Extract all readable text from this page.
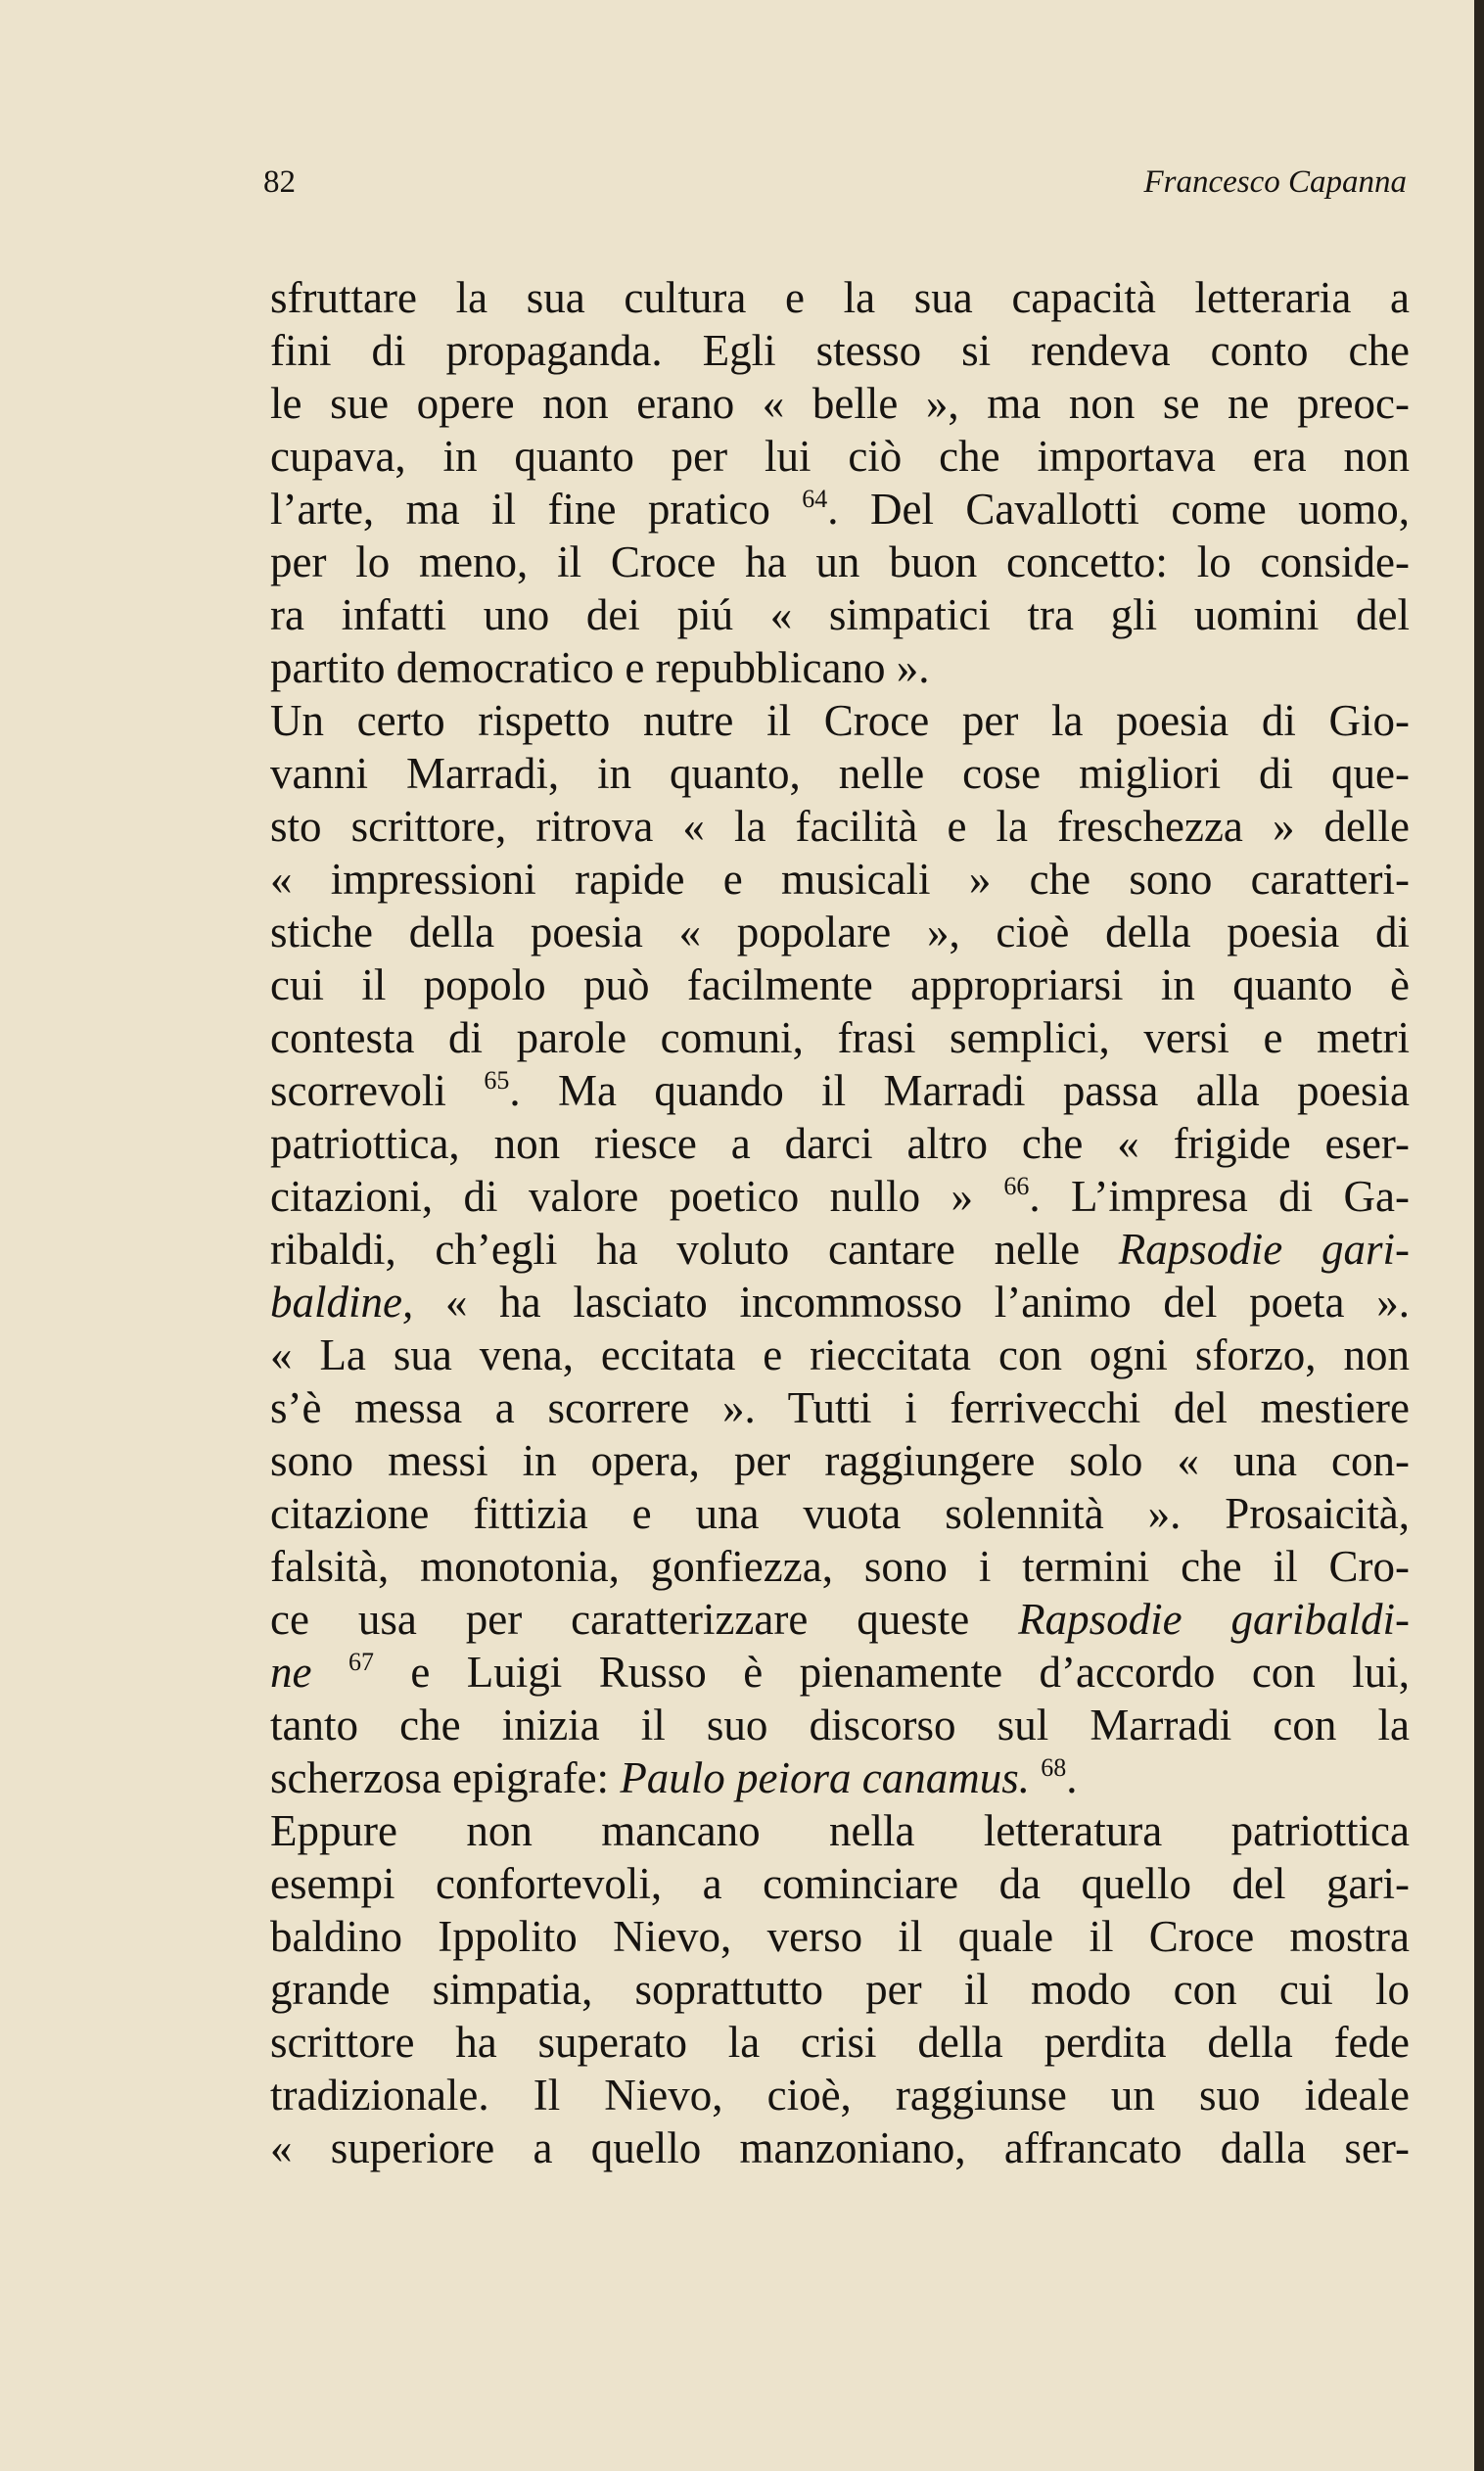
82	Francesco Capanna
sfruttare la sua cultura e la sua capacità letteraria a
fini di propaganda. Egli stesso si rendeva conto che
le sue opere non erano « belle », ma non se ne preoc-
cupava, in quanto per lui ciò che importava era non
l’arte, ma il fine pratico $^{64}$. Del Cavallotti come uomo,
per lo meno, il Croce ha un buon concetto: lo conside-
ra infatti uno dei piú « simpatici tra gli uomini del
partito democratico e repubblicano ».
Un certo rispetto nutre il Croce per la poesia di Gio-
vanni Marradi, in quanto, nelle cose migliori di que-
sto scrittore, ritrova « la facilità e la freschezza » delle
« impressioni rapide e musicali » che sono caratteri-
stiche della poesia « popolare », cioè della poesia di
cui il popolo può facilmente appropriarsi in quanto è
contesta di parole comuni, frasi semplici, versi e metri
scorrevoli $^{65}$. Ma quando il Marradi passa alla poesia
patriottica, non riesce a darci altro che « frigide eser-
citazioni, di valore poetico nullo » $^{66}$. L’impresa di Ga-
ribaldi, ch’egli ha voluto cantare nelle Rapsodie gari-
baldine, « ha lasciato incommosso l’animo del poeta ».
« La sua vena, eccitata e rieccitata con ogni sforzo, non
s’è messa a scorrere ». Tutti i ferrivecchi del mestiere
sono messi in opera, per raggiungere solo « una con-
citazione fittizia e una vuota solennità ». Prosaicità,
falsità, monotonia, gonfiezza, sono i termini che il Cro-
ce usa per caratterizzare queste Rapsodie garibaldi-
ne $^{67}$ e Luigi Russo è pienamente d’accordo con lui,
tanto che inizia il suo discorso sul Marradi con la
scherzosa epigrafe: Paulo peiora canamus. $^{68}$.
Eppure non mancano nella letteratura patriottica
esempi confortevoli, a cominciare da quello del gari-
baldino Ippolito Nievo, verso il quale il Croce mostra
grande simpatia, soprattutto per il modo con cui lo
scrittore ha superato la crisi della perdita della fede
tradizionale. Il Nievo, cioè, raggiunse un suo ideale
« superiore a quello manzoniano, affrancato dalla ser-
